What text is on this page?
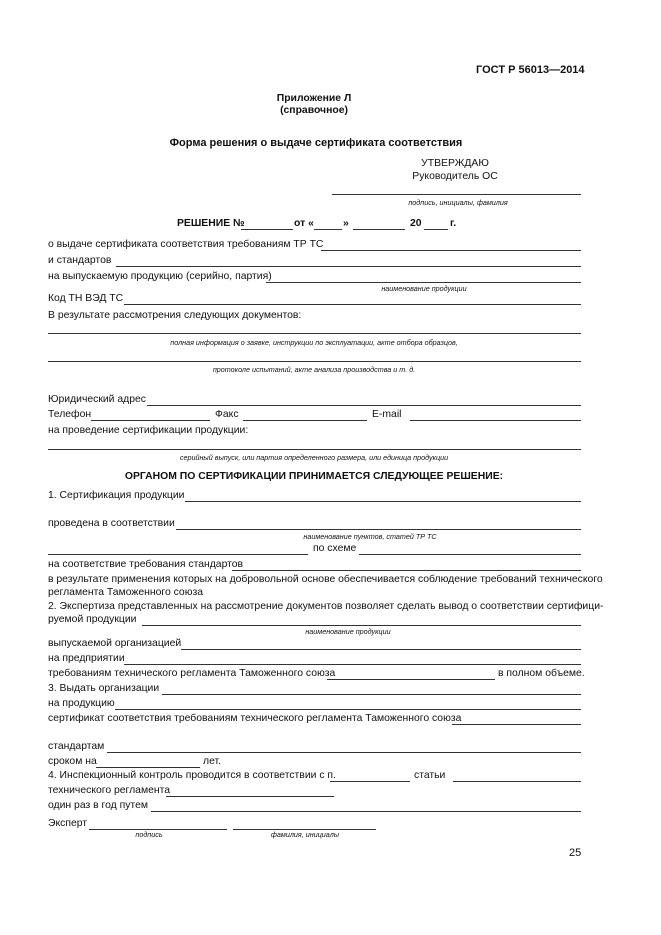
ГОСТ Р 56013—2014
Приложение Л
(справочное)
Форма решения о выдаче сертификата соответствия
УТВЕРЖДАЮ
Руководитель ОС
подпись, инициалы, фамилия
РЕШЕНИЕ №	от «	»	20	г.
о выдаче сертификата соответствия требованиям ТР ТС
и стандартов
на выпускаемую продукцию (серийно, партия)
наименование продукции
Код ТН ВЭД ТС
В результате рассмотрения следующих документов:
полная информация о заявке, инструкции по эксплуатации, акте отбора образцов,
протоколе испытаний, акте анализа производства и т. д.
Юридический адрес
Телефон	Факс	E-mail
на проведение сертификации продукции:
серийный выпуск, или партия определенного размера, или единица продукции
ОРГАНОМ ПО СЕРТИФИКАЦИИ ПРИНИМАЕТСЯ СЛЕДУЮЩЕЕ РЕШЕНИЕ:
1. Сертификация продукции
проведена в соответствии
наименование пунктов, статей ТР ТС
по схеме
на соответствие требования стандартов
в результате применения которых на добровольной основе обеспечивается соблюдение требований технического
регламента Таможенного союза
2. Экспертиза представленных на рассмотрение документов позволяет сделать вывод о соответствии сертифици-
руемой продукции
наименование продукции
выпускаемой организацией
на предприятии
требованиям технического регламента Таможенного союза	в полном объеме.
3. Выдать организации
на продукцию
сертификат соответствия требованиям технического регламента Таможенного союза
стандартам
сроком на	лет.
4. Инспекционный контроль проводится в соответствии с п.	статьи
технического регламента
один раз в год путем
Эксперт
подпись	фамилия, инициалы
25
